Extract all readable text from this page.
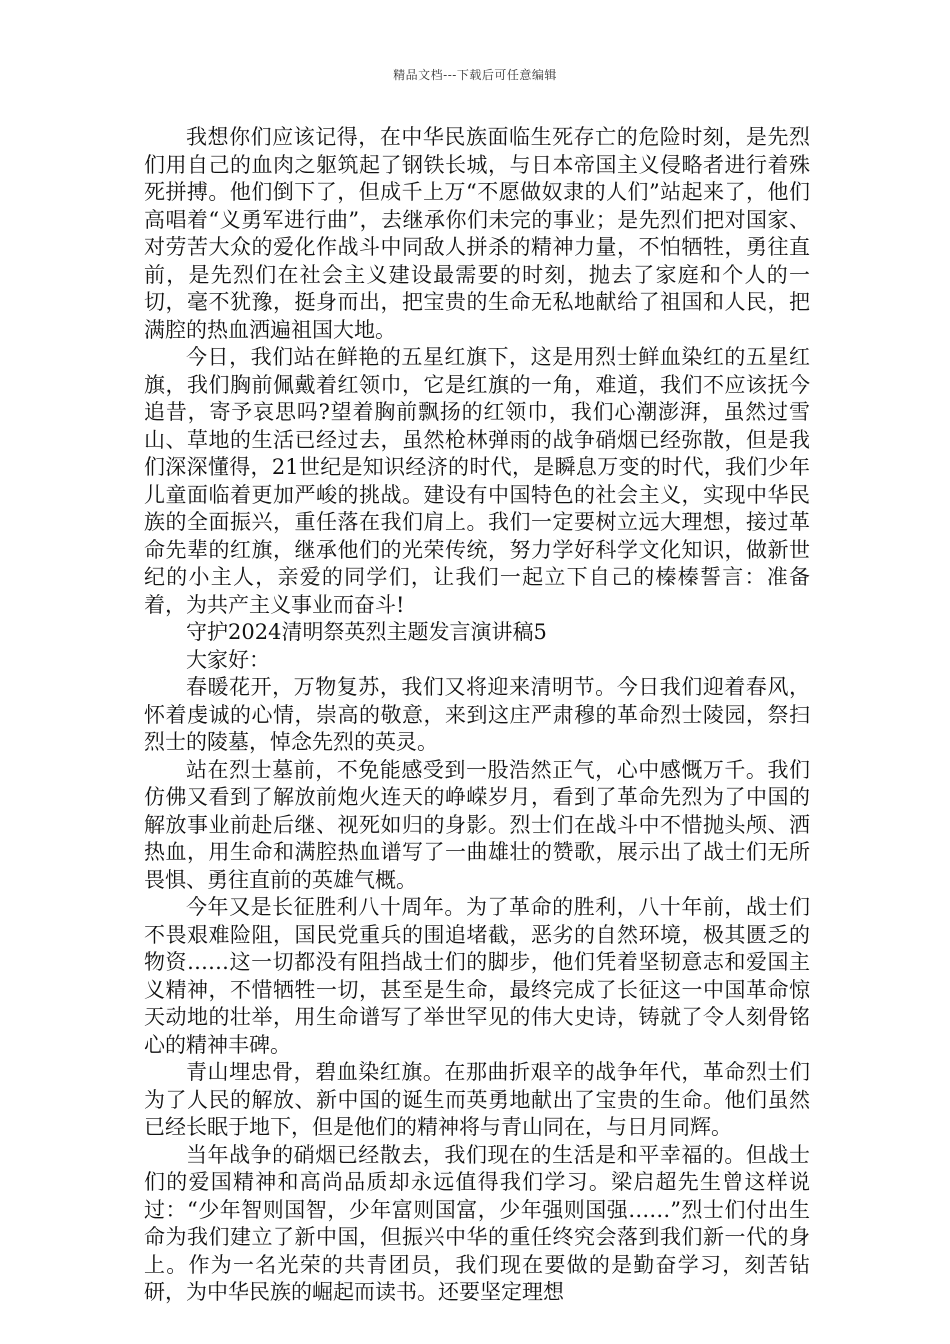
精品文档---下载后可任意编辑

我想你们应该记得，在中华民族面临生死存亡的危险时刻，是先烈们用自己的血肉之躯筑起了钢铁长城，与日本帝国主义侵略者进行着殊死拼搏。他们倒下了，但成千上万“不愿做奴隶的人们”站起来了，他们高唱着“义勇军进行曲”，去继承你们未完的事业；是先烈们把对国家、对劳苦大众的爱化作战斗中同敌人拼杀的精神力量，不怕牺牲，勇往直前，是先烈们在社会主义建设最需要的时刻，抛去了家庭和个人的一切，毫不犹豫，挺身而出，把宝贵的生命无私地献给了祖国和人民，把满腔的热血洒遍祖国大地。

今日，我们站在鲜艳的五星红旗下，这是用烈士鲜血染红的五星红旗，我们胸前佩戴着红领巾，它是红旗的一角，难道，我们不应该抚今追昔，寄予哀思吗?望着胸前飘扬的红领巾，我们心潮澎湃，虽然过雪山、草地的生活已经过去，虽然枪林弹雨的战争硝烟已经弥散，但是我们深深懂得，21世纪是知识经济的时代，是瞬息万变的时代，我们少年儿童面临着更加严峻的挑战。建设有中国特色的社会主义，实现中华民族的全面振兴，重任落在我们肩上。我们一定要树立远大理想，接过革命先辈的红旗，继承他们的光荣传统，努力学好科学文化知识，做新世纪的小主人，亲爱的同学们，让我们一起立下自己的榛榛誓言：准备着，为共产主义事业而奋斗!

守护2024清明祭英烈主题发言演讲稿5

大家好：

春暖花开，万物复苏，我们又将迎来清明节。今日我们迎着春风，怀着虔诚的心情，崇高的敬意，来到这庄严肃穆的革命烈士陵园，祭扫烈士的陵墓，悼念先烈的英灵。

站在烈士墓前，不免能感受到一股浩然正气，心中感慨万千。我们仿佛又看到了解放前炮火连天的峥嵘岁月，看到了革命先烈为了中国的解放事业前赴后继、视死如归的身影。烈士们在战斗中不惜抛头颅、洒热血，用生命和满腔热血谱写了一曲雄壮的赞歌，展示出了战士们无所畏惧、勇往直前的英雄气概。

今年又是长征胜利八十周年。为了革命的胜利，八十年前，战士们不畏艰难险阻，国民党重兵的围追堵截，恶劣的自然环境，极其匮乏的物资……这一切都没有阻挡战士们的脚步，他们凭着坚韧意志和爱国主义精神，不惜牺牲一切，甚至是生命，最终完成了长征这一中国革命惊天动地的壮举，用生命谱写了举世罕见的伟大史诗，铸就了令人刻骨铭心的精神丰碑。

青山埋忠骨，碧血染红旗。在那曲折艰辛的战争年代，革命烈士们为了人民的解放、新中国的诞生而英勇地献出了宝贵的生命。他们虽然已经长眠于地下，但是他们的精神将与青山同在，与日月同辉。

当年战争的硝烟已经散去，我们现在的生活是和平幸福的。但战士们的爱国精神和高尚品质却永远值得我们学习。梁启超先生曾这样说过：“少年智则国智，少年富则国富，少年强则国强……”烈士们付出生命为我们建立了新中国，但振兴中华的重任终究会落到我们新一代的身上。作为一名光荣的共青团员，我们现在要做的是勤奋学习，刻苦钻研，为中华民族的崛起而读书。还要坚定理想
